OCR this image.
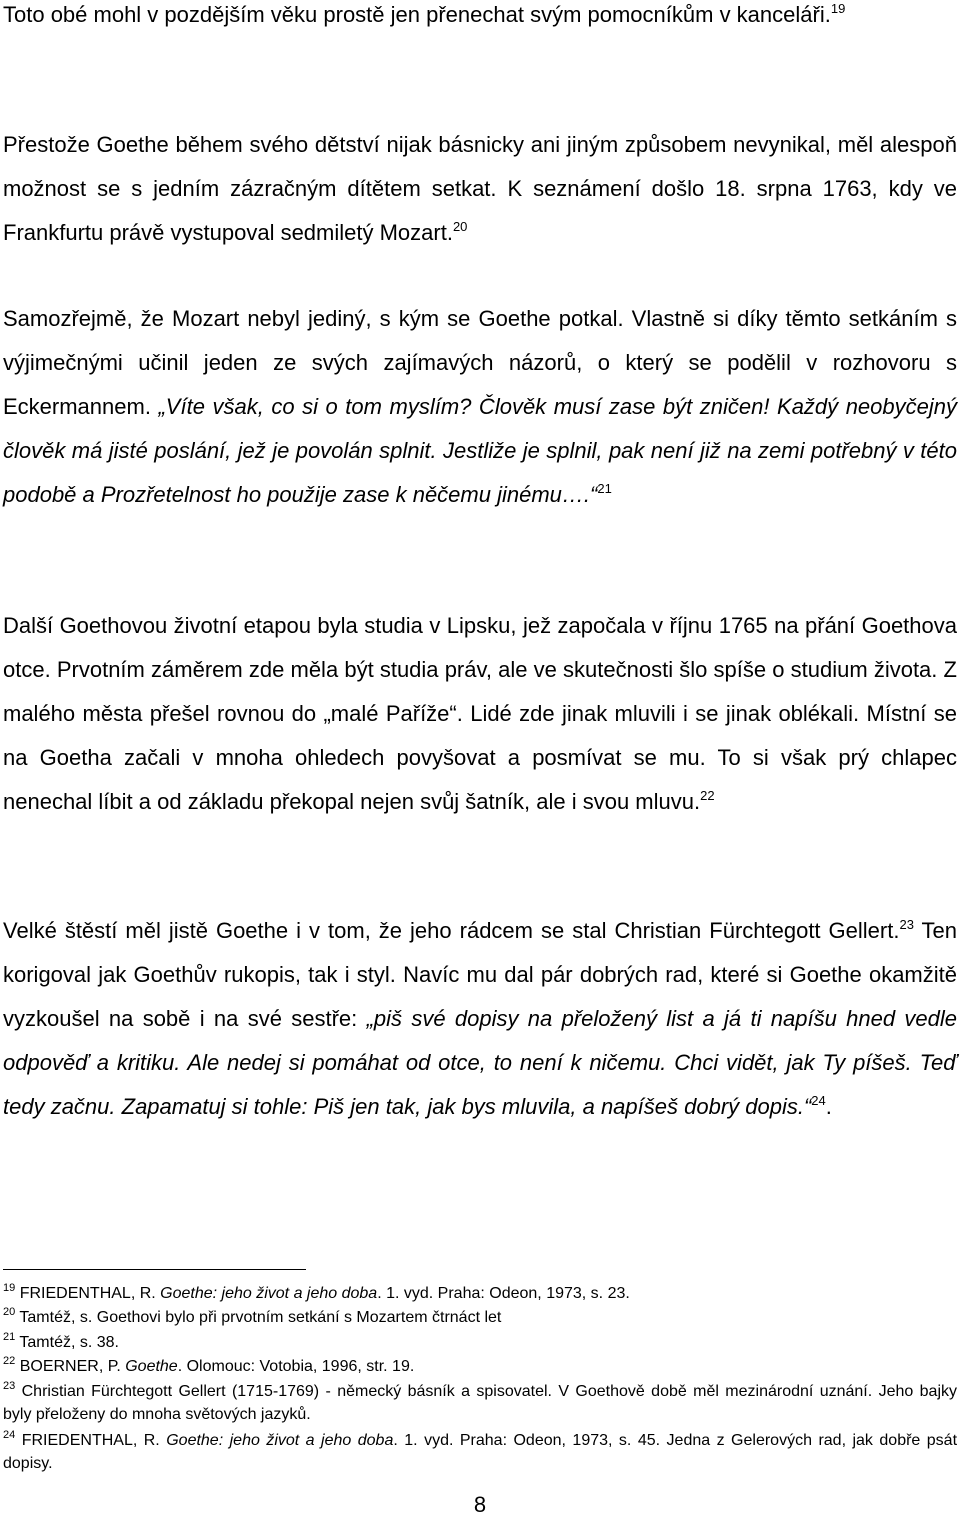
Toto obé mohl v pozdějším věku prostě jen přenechat svým pomocníkům v kanceláři.$^{19}$

Přestože Goethe během svého dětství nijak básnicky ani jiným způsobem nevynikal, měl alespoň možnost se s jedním zázračným dítětem setkat. K seznámení došlo 18. srpna 1763, kdy ve Frankfurtu právě vystupoval sedmiletý Mozart.$^{20}$

Samozřejmě, že Mozart nebyl jediný, s kým se Goethe potkal. Vlastně si díky těmto setkáním s výjimečnými učinil jeden ze svých zajímavých názorů, o který se podělil v rozhovoru s Eckermannem. „Víte však, co si o tom myslím? Člověk musí zase být zničen! Každý neobyčejný člověk má jisté poslání, jež je povolán splnit. Jestliže je splnil, pak není již na zemi potřebný v této podobě a Prozřetelnost ho použije zase k něčemu jinému….“$^{21}$

Další Goethovou životní etapou byla studia v Lipsku, jež započala v říjnu 1765 na přání Goethova otce. Prvotním záměrem zde měla být studia práv, ale ve skutečnosti šlo spíše o studium života. Z malého města přešel rovnou do „malé Paříže“. Lidé zde jinak mluvili i se jinak oblékali. Místní se na Goetha začali v mnoha ohledech povyšovat a posmívat se mu. To si však prý chlapec nenechal líbit a od základu překopal nejen svůj šatník, ale i svou mluvu.$^{22}$

Velké štěstí měl jistě Goethe i v tom, že jeho rádcem se stal Christian Fürchtegott Gellert.$^{23}$ Ten korigoval jak Goethův rukopis, tak i styl. Navíc mu dal pár dobrých rad, které si Goethe okamžitě vyzkoušel na sobě i na své sestře: „piš své dopisy na přeložený list a já ti napíšu hned vedle odpověď a kritiku. Ale nedej si pomáhat od otce, to není k ničemu. Chci vidět, jak Ty píšeš. Teď tedy začnu. Zapamatuj si tohle: Piš jen tak, jak bys mluvila, a napíšeš dobrý dopis.“$^{24}$.

$^{19}$ FRIEDENTHAL, R. Goethe: jeho život a jeho doba. 1. vyd. Praha: Odeon, 1973, s. 23.

$^{20}$ Tamtéž, s. Goethovi bylo při prvotním setkání s Mozartem čtrnáct let

$^{21}$ Tamtéž, s. 38.

$^{22}$ BOERNER, P. Goethe. Olomouc: Votobia, 1996, str. 19.

$^{23}$ Christian Fürchtegott Gellert (1715-1769) - německý básník a spisovatel. V Goethově době měl mezinárodní uznání. Jeho bajky byly přeloženy do mnoha světových jazyků.

$^{24}$ FRIEDENTHAL, R. Goethe: jeho život a jeho doba. 1. vyd. Praha: Odeon, 1973, s. 45. Jedna z Gelerových rad, jak dobře psát dopisy.

8
